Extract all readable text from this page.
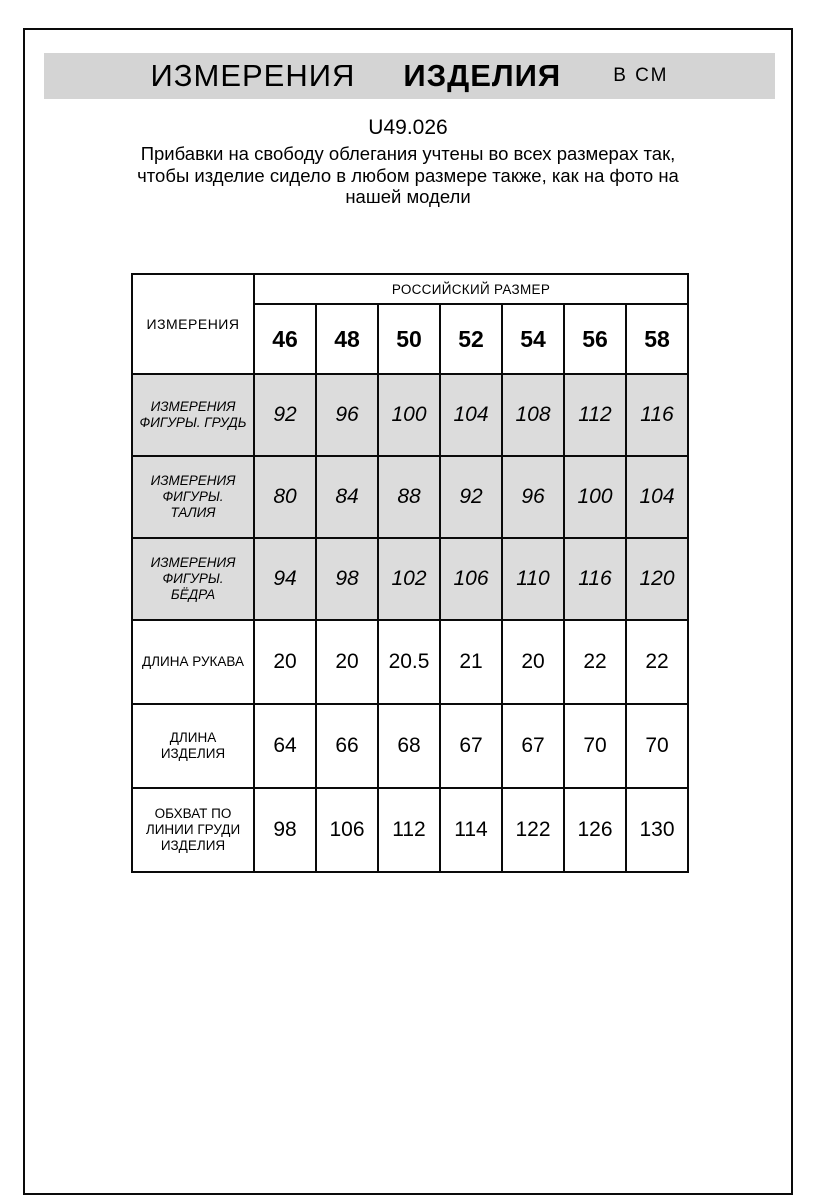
ИЗМЕРЕНИЯ ИЗДЕЛИЯ	В СМ
U49.026
Прибавки на свободу облегания учтены во всех размерах так,
чтобы изделие сидело в любом размере также, как на фото на
нашей модели
ИЗМЕРЕНИЯ	РОССИЙСКИЙ РАЗМЕР						
	46	48	50	52	54	56	58
ИЗМЕРЕНИЯ ФИГУРЫ. ГРУДЬ	92	96	100	104	108	112	116
ИЗМЕРЕНИЯ ФИГУРЫ. ТАЛИЯ	80	84	88	92	96	100	104
ИЗМЕРЕНИЯ ФИГУРЫ. БЁДРА	94	98	102	106	110	116	120
ДЛИНА РУКАВА	20	20	20.5	21	20	22	22
ДЛИНА ИЗДЕЛИЯ	64	66	68	67	67	70	70
ОБХВАТ ПО ЛИНИИ ГРУДИ ИЗДЕЛИЯ	98	106	112	114	122	126	130
